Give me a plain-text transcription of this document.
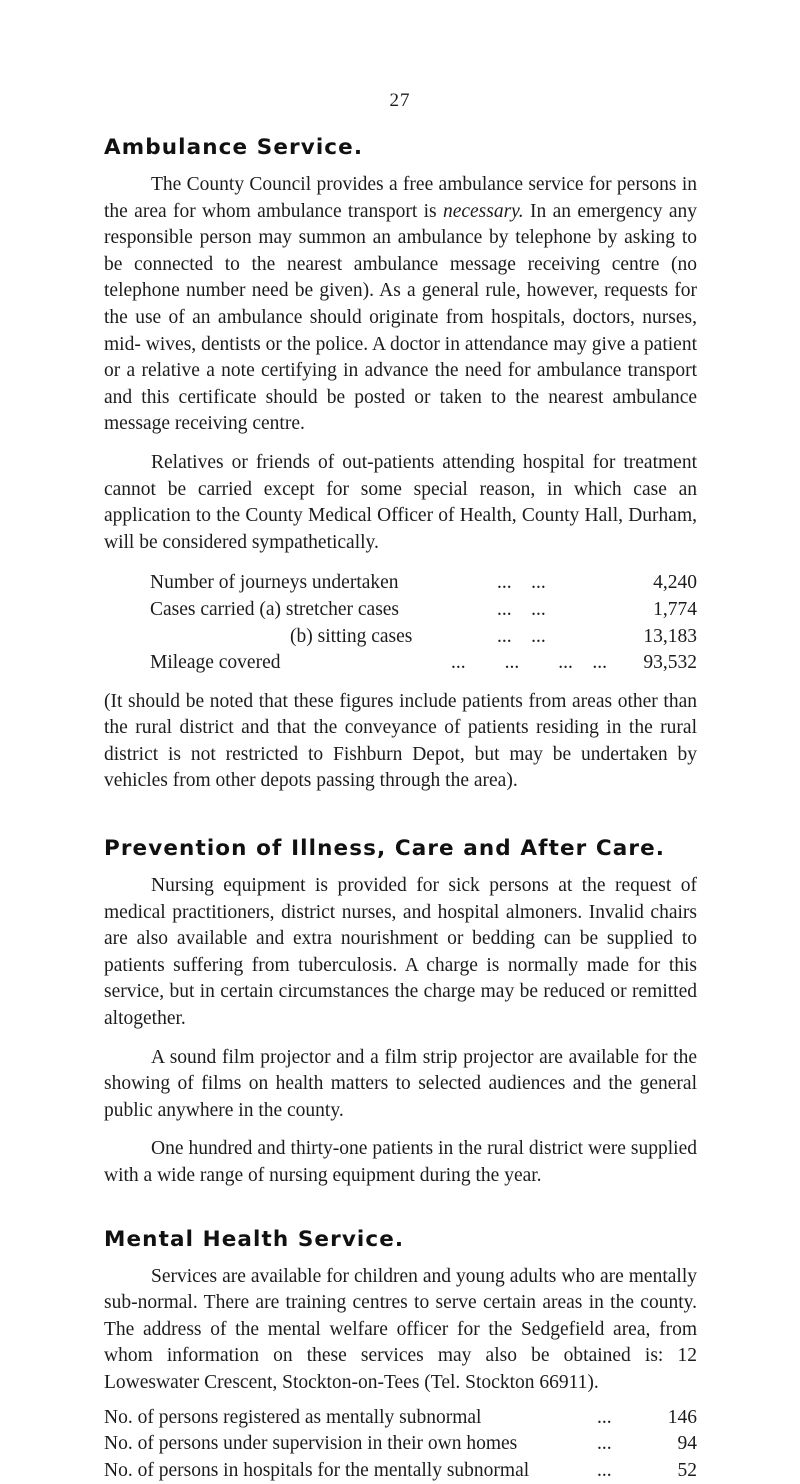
27
Ambulance Service.

The County Council provides a free ambulance service for persons in the area for whom ambulance transport is necessary. In an emergency any responsible person may summon an ambulance by telephone by asking to be connected to the nearest ambulance message receiving centre (no telephone number need be given). As a general rule, however, requests for the use of an ambulance should originate from hospitals, doctors, nurses, mid- wives, dentists or the police. A doctor in attendance may give a patient or a relative a note certifying in advance the need for ambulance transport and this certificate should be posted or taken to the nearest ambulance message receiving centre.

Relatives or friends of out-patients attending hospital for treatment cannot be carried except for some special reason, in which case an application to the County Medical Officer of Health, County Hall, Durham, will be considered sympathetically.

Number of journeys undertaken	...    ...	4,240
Cases carried (a) stretcher cases	...    ...	1,774
(b) sitting cases	...    ...	13,183
Mileage covered	...        ...        ...    ...	93,532

(It should be noted that these figures include patients from areas other than the rural district and that the conveyance of patients residing in the rural district is not restricted to Fishburn Depot, but may be undertaken by vehicles from other depots passing through the area).

Prevention of Illness, Care and After Care.

Nursing equipment is provided for sick persons at the request of medical practitioners, district nurses, and hospital almoners. Invalid chairs are also available and extra nourishment or bedding can be supplied to patients suffering from tuberculosis. A charge is normally made for this service, but in certain circumstances the charge may be reduced or remitted altogether.

A sound film projector and a film strip projector are available for the showing of films on health matters to selected audiences and the general public anywhere in the county.

One hundred and thirty-one patients in the rural district were supplied with a wide range of nursing equipment during the year.

Mental Health Service.

Services are available for children and young adults who are mentally sub-normal. There are training centres to serve certain areas in the county. The address of the mental welfare officer for the Sedgefield area, from whom information on these services may also be obtained is: 12 Loweswater Crescent, Stockton-on-Tees (Tel. Stockton 66911).

No. of persons registered as mentally subnormal	...	146
No. of persons under supervision in their own homes	...	94
No. of persons in hospitals for the mentally subnormal	...	52
